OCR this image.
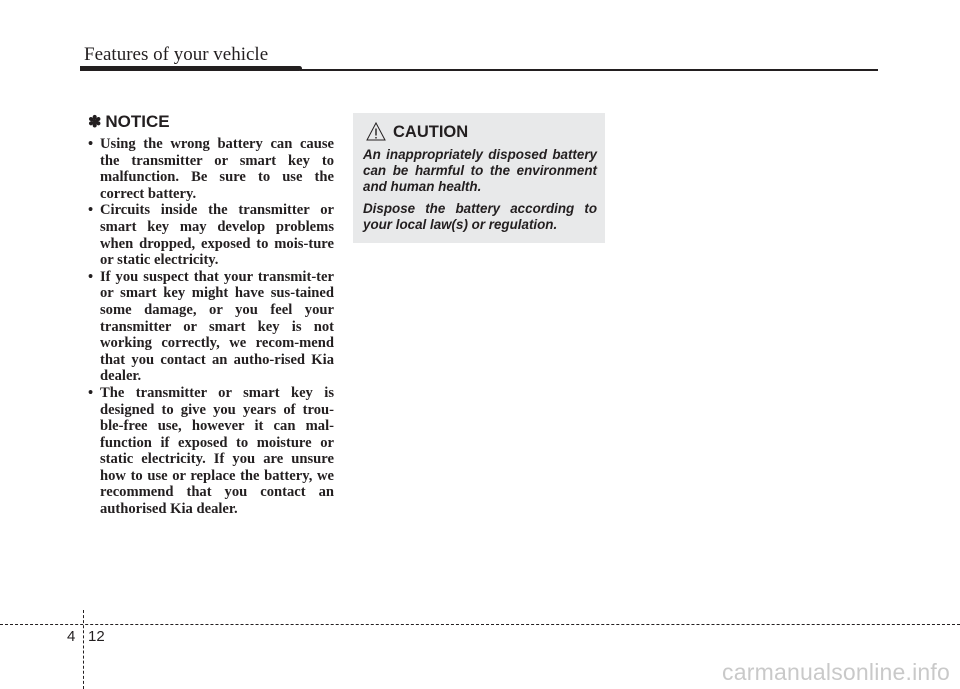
Features of your vehicle
✽ NOTICE
• Using the wrong battery can cause the transmitter or smart key to malfunction. Be sure to use the correct battery.
• Circuits inside the transmitter or smart key may develop problems when dropped, exposed to mois-ture or static electricity.
• If you suspect that your transmit-ter or smart key might have sus-tained some damage, or you feel your transmitter or smart key is not working correctly, we recom-mend that you contact an autho-rised Kia dealer.
• The transmitter or smart key is designed to give you years of trou-ble-free use, however it can mal-function if exposed to moisture or static electricity. If you are unsure how to use or replace the battery, we recommend that you contact an authorised Kia dealer.
CAUTION

An inappropriately disposed battery can be harmful to the environment and human health.

Dispose the battery according to your local law(s) or regulation.

4 12
carmanualsonline.info
